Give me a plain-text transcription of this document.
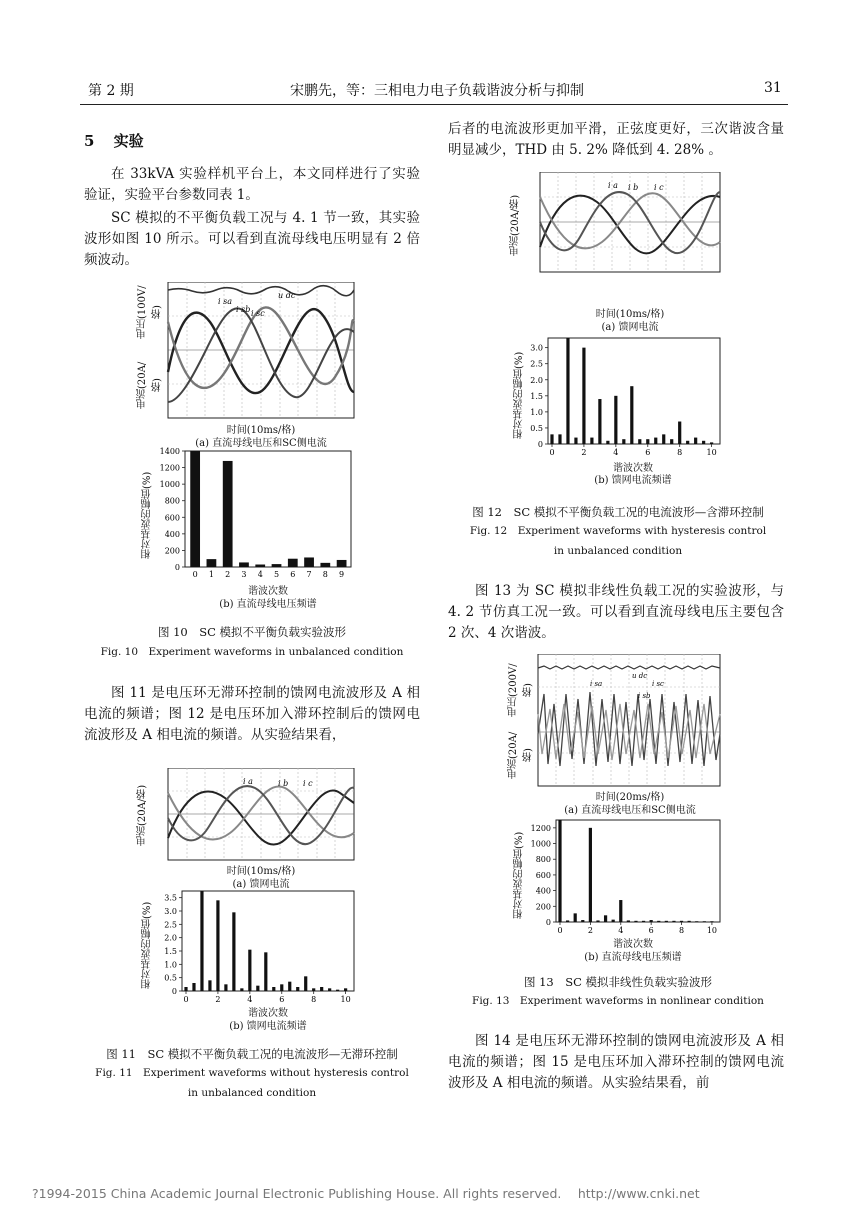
第 2 期	宋鹏先，等：三相电力电子负载谐波分析与抑制	31
5 实验
在 33kVA 实验样机平台上，本文同样进行了实验验证，实验平台参数同表 1。
SC 模拟的不平衡负载工况与 4. 1 节一致，其实验波形如图 10 所示。可以看到直流母线电压明显有 2 倍频波动。
i sa
i sb i sc
u dc
电压(100V/格)
电流(20A/格)
时间(10ms/格)
(a) 直流母线电压和SC侧电流
0
200
400
600
800
1000
1200
1400
0 1 2 3 4 5 6 7 8 9
相对基波的幅值(%)
谐波次数
(b) 直流母线电压频谱
图 10　SC 模拟不平衡负载实验波形
Fig. 10　Experiment waveforms in unbalanced condition
图 11 是电压环无滞环控制的馈网电流波形及 A 相电流的频谱；图 12 是电压环加入滞环控制后的馈网电流波形及 A 相电流的频谱。从实验结果看，
i a	i b i c
电流(20A/格)
时间(10ms/格)
(a) 馈网电流
0
0.5
1.0
1.5
2.0
2.5
3.0
3.5
0	2	4	6	8	10
相对基波的幅值(%)
谐波次数
(b) 馈网电流频谱
图 11　SC 模拟不平衡负载工况的电流波形—无滞环控制
Fig. 11　Experiment waveforms without hysteresis control
in unbalanced condition
后者的电流波形更加平滑，正弦度更好，三次谐波含量明显减少，THD 由 5. 2% 降低到 4. 28% 。
i a i b i c
电流(20A/格)
时间(10ms/格)
(a) 馈网电流
0
0.5
1.0
1.5
2.0
2.5
3.0
0	2	4	6	8	10
相对基波的幅值(%)
谐波次数
(b) 馈网电流频谱
图 12　SC 模拟不平衡负载工况的电流波形—含滞环控制
Fig. 12　Experiment waveforms with hysteresis control
in unbalanced condition
图 13 为 SC 模拟非线性负载工况的实验波形，与 4. 2 节仿真工况一致。可以看到直流母线电压主要包含 2 次、4 次谐波。
u dc
i sa
i sb
i sc
电压(200V/格)
电流(20A/格)
时间(20ms/格)
(a) 直流母线电压和SC侧电流
0
200
400
600
800
1000
1200
0	2	4	6	8	10
相对基波的幅值(%)
谐波次数
(b) 直流母线电压频谱
图 13　SC 模拟非线性负载实验波形
Fig. 13　Experiment waveforms in nonlinear condition
图 14 是电压环无滞环控制的馈网电流波形及 A 相电流的频谱；图 15 是电压环加入滞环控制的馈网电流波形及 A 相电流的频谱。从实验结果看，前
?1994-2015 China Academic Journal Electronic Publishing House. All rights reserved.　 http://www.cnki.net
